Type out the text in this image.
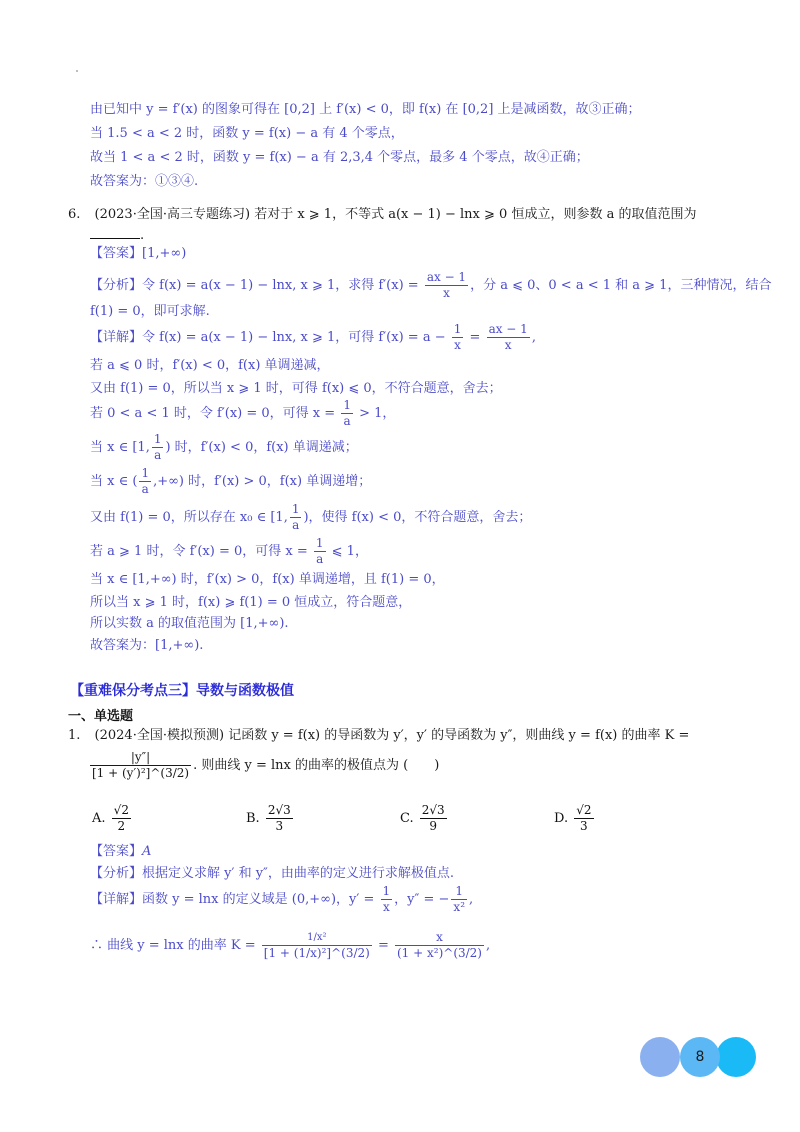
由已知中 y = f′(x) 的图象可得在 [0,2] 上 f′(x) < 0，即 f(x) 在 [0,2] 上是减函数，故③正确；
当 1.5 < a < 2 时，函数 y = f(x) − a 有 4 个零点，
故当 1 < a < 2 时，函数 y = f(x) − a 有 2,3,4 个零点，最多 4 个零点，故④正确；
故答案为：①③④.
6. (2023·全国·高三专题练习) 若对于 x ⩾ 1，不等式 a(x − 1) − lnx ⩾ 0 恒成立，则参数 a 的取值范围为
.
【答案】[1,+∞)
【分析】令 f(x) = a(x − 1) − lnx, x ⩾ 1，求得 $f'(x) = \frac{ax - 1}{x}$ ，分 a ⩽ 0、0 < a < 1 和 a ⩾ 1，三种情况，结合
f(1) = 0，即可求解.
【详解】令 f(x) = a(x − 1) − lnx, x ⩾ 1，可得 $f'(x) = a - \frac{1}{x} = \frac{ax - 1}{x}$ ,
若 a ⩽ 0 时，f′(x) < 0，f(x) 单调递减，
又由 f(1) = 0，所以当 x ⩾ 1 时，可得 f(x) ⩽ 0，不符合题意，舍去；
若 0 < a < 1 时，令 f′(x) = 0，可得 $x = \frac{1}{a} > 1$，
当 x ∈ [1, $\frac{1}{a}$ ) 时，f′(x) < 0，f(x) 单调递减；
当 x ∈ ( $\frac{1}{a}$ ,+∞) 时，f′(x) > 0，f(x) 单调递增；
又由 f(1) = 0，所以存在 x₀ ∈ [1, $\frac{1}{a}$ )，使得 f(x) < 0，不符合题意，舍去；
若 a ⩾ 1 时，令 f′(x) = 0，可得 $x = \frac{1}{a}$ ⩽ 1，
当 x ∈ [1,+∞) 时，f′(x) > 0，f(x) 单调递增，且 f(1) = 0，
所以当 x ⩾ 1 时，f(x) ⩾ f(1) = 0 恒成立，符合题意，
所以实数 a 的取值范围为 [1,+∞).
故答案为：[1,+∞).
【重难保分考点三】导数与函数极值
一、单选题
1. (2024·全国·模拟预测) 记函数 y = f(x) 的导函数为 y′，y′ 的导函数为 y″，则曲线 y = f(x) 的曲率 K =
$\frac{|y''|}{\text{[1 + (y′)²]\textasciicircum{}(3/2)}}$ . 则曲线 y = lnx 的曲率的极值点为 (　　)
A. $\frac{√2}{2}$	B. $\frac{2√3}{3}$	C. $\frac{2√3}{9}$	D. $\frac{√2}{3}$
【答案】A
【分析】根据定义求解 y′ 和 y″，由曲率的定义进行求解极值点.
【详解】函数 y = lnx 的定义域是 (0,+∞)，$y' = \frac{1}{x}$ ，y″ = − $\frac{1}{\text{x²}}$ ,
∴ 曲线 y = lnx 的曲率 $K = \frac{\text{1/x²}}{\text{[1 + (1/x)²]\textasciicircum{}(3/2)}} = \frac{x}{\text{(1 + x²)\textasciicircum{}(3/2)}}$ ,
8
